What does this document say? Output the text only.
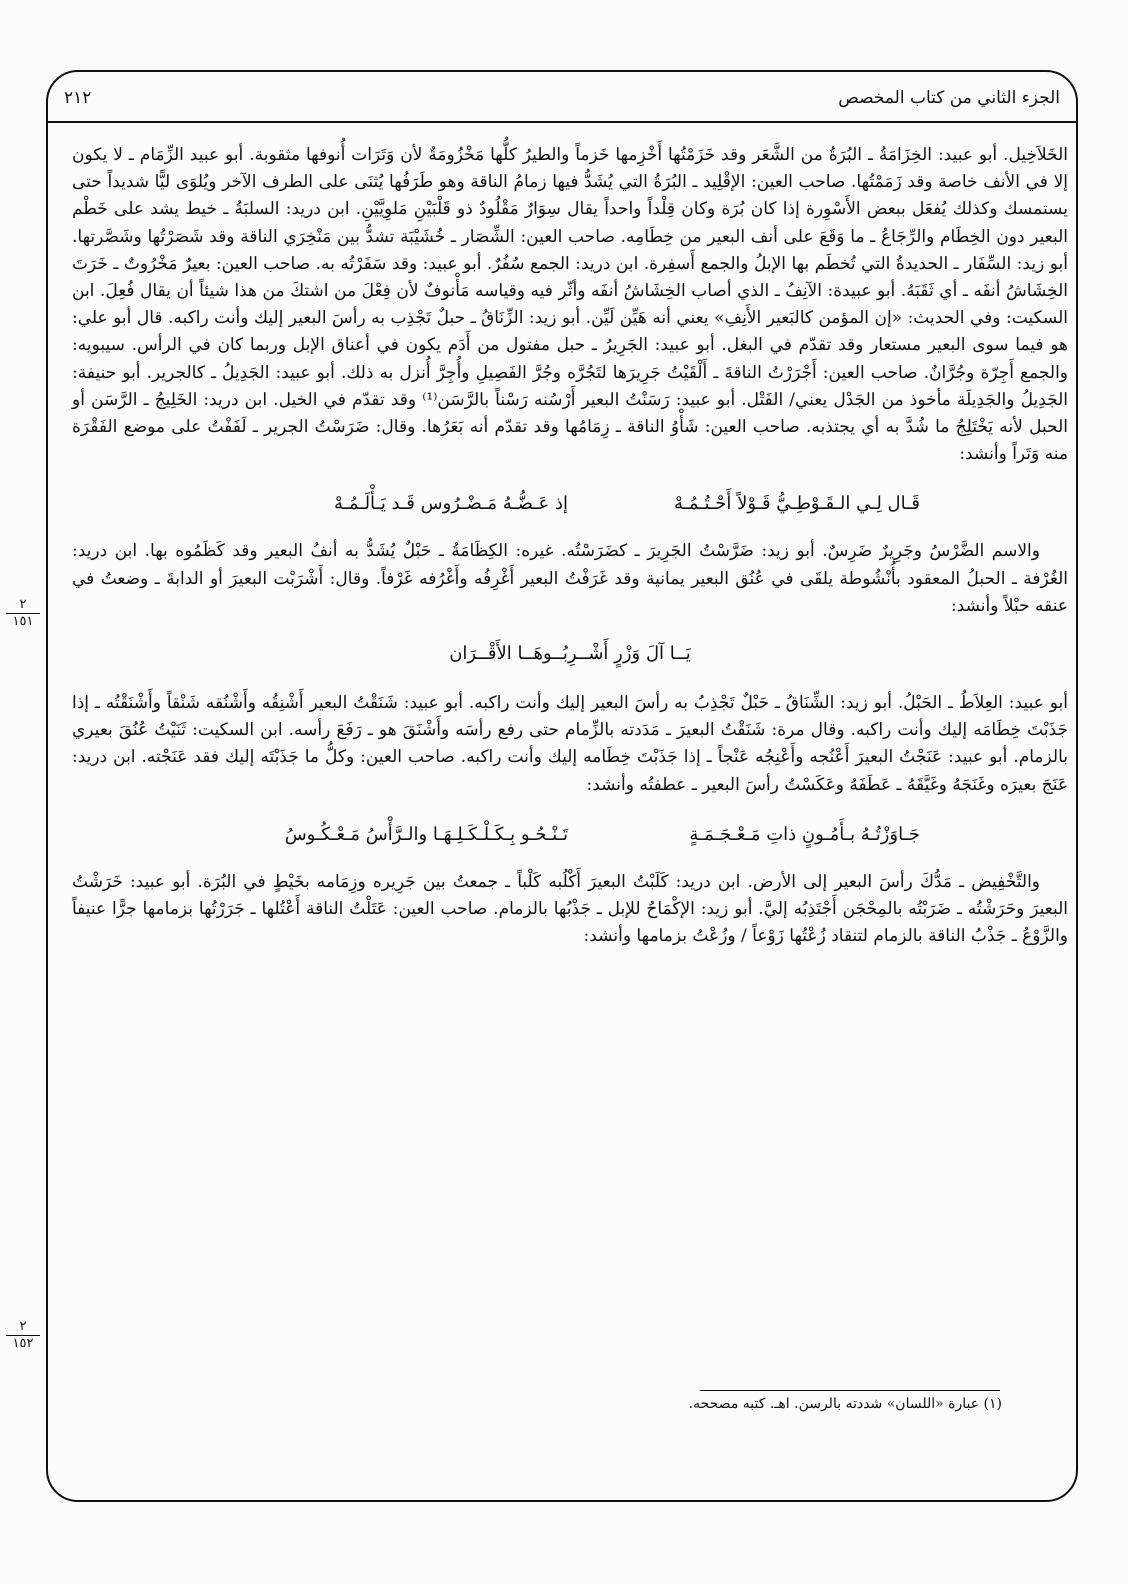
الجزء الثاني من كتاب المخصص
٢١٢

الخَلاَخِيل. أبو عبيد: الخِزَامَةُ ـ البُرَةُ من الشَّعَر وقد خَزَمْتُها أَخْزِمها خَزماً والطيرُ كلُّها مَخْزُومَةٌ لأن وَتَرَات أُنوفها مثقوبة. أبو عبيد الزِّمَام ـ لا يكون إلا في الأنف خاصة وقد زَمَمْتُها. صاحب العين: الإقْلِيد ـ البُرَةُ التي يُشَدُّ فيها زمامُ الناقة وهو طَرَفُها يُثنَى على الطرف الآخر ويُلوَى ليًّا شديداً حتى يستمسك وكذلك يُفعَل ببعض الأَسْوِرة إذا كان بُرَة وكان قِلْداً واحداً يقال سِوَارٌ مَقْلُودٌ ذو قَلْبَيْنِ مَلوِيَّيْنِ. ابن دريد: السلبَةُ ـ خيط يشد على خَطْم البعير دون الخِطَام والرِّجَاعُ ـ ما وَقَعَ على أنف البعير من خِطَامِه. صاحب العين: الشِّصَار ـ خُشَيْبَة تشدُّ بين مَنْخِرَي الناقة وقد شَصَرْتُها وشَصَّرتها. أبو زيد: السِّفَار ـ الحديدةُ التي تُخطَم بها الإبلُ والجمع أَسفِرة. ابن دريد: الجمع سُفُرٌ. أبو عبيد: وقد سَفَرْتُه به. صاحب العين: بعيرٌ مَخْرُوتٌ ـ خَرَتَ الخِشَاشُ أنفَه ـ أي ثَقَبَهُ. أبو عبيدة: الآنِفُ ـ الذي أصاب الخِشَاشُ أنفَه وأثّر فيه وقياسه مَأْنوفٌ لأن فِعْلَ من اشتكَ من هذا شيئاً أن يقال فُعِلَ. ابن السكيت: وفي الحديث: «إن المؤمن كالبَعير الأَنِفِ» يعني أنه هَيِّن لَيِّن. أبو زيد: الزِّنَاقُ ـ حبلٌ تَجْذِب به رأسَ البعير إليك وأنت راكبه. قال أبو علي: هو فيما سوى البعير مستعار وقد تقدّم في البغل. أبو عبيد: الجَرِيرُ ـ حبل مفتول من أَدَم يكون في أعناق الإبل وربما كان في الرأس. سيبويه: والجمع أَجِرّة وجُرَّانٌ. صاحب العين: أَجْرَرْتُ الناقةَ ـ أَلْقَيْتُ جَرِيرَها لتَجُرَّه وجُرَّ الفَصِيلِ وأُجِرَّ أُنزل به ذلك. أبو عبيد: الجَدِيلُ ـ كالجرير. أبو حنيفة: الجَدِيلُ والجَدِيلَة مأخوذ من الجَدْل يعني/ الفَتْل. أبو عبيد: رَسَنْتُ البعير أَرْسُنه رَسْناً بالرَّسَن⁽¹⁾ وقد تقدّم في الخيل. ابن دريد: الخَلِيجُ ـ الرَّسَن أو الحبل لأنه يَخْتَلِجُ ما شُدَّ به أي يجتذبه. صاحب العين: شَأْوُ الناقة ـ زِمَامُها وقد تقدّم أنه بَعَرُها. وقال: ضَرَسْتُ الجرير ـ لَفَفْتُ على موضع الفَقْرَة منه وَتَراً وأنشد:

قَـال لِـي الـقَـوْطِـيُّ قَـوْلاً أَحْـتُـمُـهْ
إذ عَـضُّـهُ مَـضْـرُوس قَـد يَـأْلَـمُـهْ

والاسم الضَّرْسُ وجَرِيرٌ ضَرِسٌ. أبو زيد: ضَرَّسْتُ الجَرِيرَ ـ كضَرَسْتُه. غيره: الكِظَامَةُ ـ حَبْلٌ يُشَدُّ به أنفُ البعير وقد كَظَمُوه بها. ابن دريد: الغُرْفة ـ الحبلُ المعقود بأُنْشُوطة يلقَى في عُنُق البعير يمانية وقد غَرَفْتُ البعير أَغْرِفُه وأَغْرُفه غَرْفاً. وقال: أَشْرَبْت البعيرَ أو الدابةَ ـ وضعتُ في عنقه حبْلاً وأنشد:

يَــا آلَ وَزْرٍ أَشْــرِبُــوهَــا الأَقْــرَان

أبو عبيد: العِلاَطُ ـ الحَبْلُ. أبو زيد: الشِّنَاقُ ـ حَبْلٌ تَجْذِبُ به رأسَ البعير إليك وأنت راكبه. أبو عبيد: شَنَقْتُ البعير أَشْنِقُه وأَشْنُقه شَنْقاً وأَشْنَقْتُه ـ إذا جَذَبْتَ خِطَامَه إليك وأنت راكبه. وقال مرة: شَنَقْتُ البعيرَ ـ مَدَدته بالزِّمام حتى رفع رأسَه وأَشْنَقَ هو ـ رَفَعَ رأسه. ابن السكيت: ثَنَيْتُ عُنُقَ بعيري بالزمام. أبو عبيد: عَنَجْتُ البعيرَ أَعْنُجه وأَعْنِجُه عَنْجاً ـ إذا جَذَبْتَ خِطَامه إليك وأنت راكبه. صاحب العين: وكلُّ ما جَذَبْتَه إليك فقد عَنَجْته. ابن دريد: عَنَجَ بعيرَه وغَنَجَهُ وغَيَّقَهُ ـ عَطَفَهُ وعَكَسْتُ رأسَ البعير ـ عطفتُه وأنشد:

جَـاوَزْتُـهُ بـأَمُـونٍ ذاتِ مَـعْـجَـمَـةٍ
تَـنْـحُـو بِـكَـلْـكَـلِـهَـا والـرَّأْسُ مَـعْـكُـوسُ

والتَّخْفِيض ـ مَدُّكَ رأسَ البعير إلى الأرض. ابن دريد: كَلَبْتُ البعيرَ أَكْلُبه كَلْباً ـ جمعتُ بين جَرِيره وزِمَامه بخَيْطٍ في البُرَة. أبو عبيد: خَرَشْتُ البعيرَ وحَرَشْتُه ـ ضَرَبْتُه بالمِحْجَن أَجْتَذِبُه إليَّ. أبو زيد: الإكْمَاحُ للإبل ـ جَذْبُها بالزمام. صاحب العين: عَتَلْتُ الناقة أَعْتُلها ـ جَرَرْتُها بزمامها جرًّا عنيفاً والزَّوْعُ ـ جَذْبُ الناقة بالزمام لتنقاد زُعْتُها زَوْعاً / وزُعْتُ بزمامها وأنشد:

٢
١٥١
٢
١٥٢
(١) عبارة «اللسان» شددته بالرسن. اهـ. كتبه مصححه.
